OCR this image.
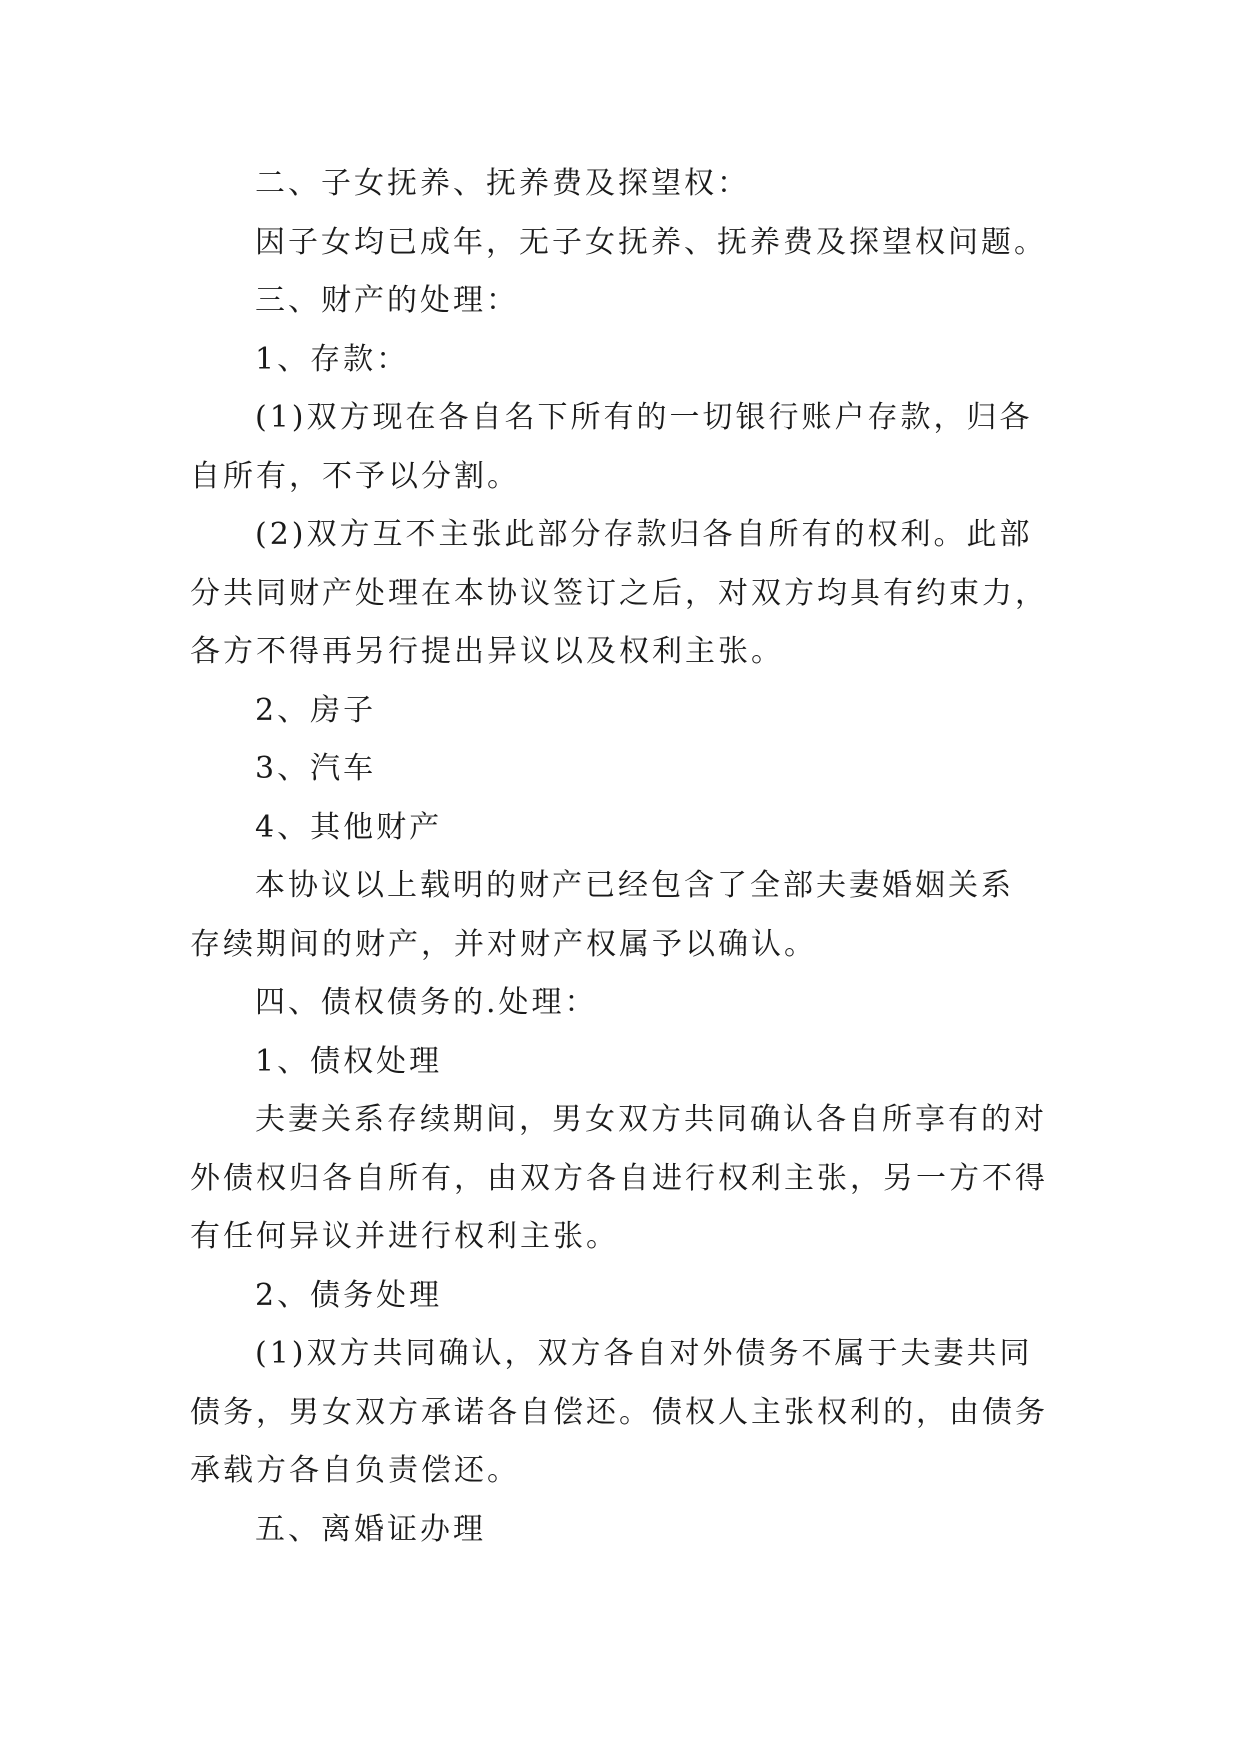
二、子女抚养、抚养费及探望权：
因子女均已成年，无子女抚养、抚养费及探望权问题。
三、财产的处理：
1、存款：
(1)双方现在各自名下所有的一切银行账户存款，归各
自所有，不予以分割。
(2)双方互不主张此部分存款归各自所有的权利。此部
分共同财产处理在本协议签订之后，对双方均具有约束力，
各方不得再另行提出异议以及权利主张。
2、房子
3、汽车
4、其他财产
本协议以上载明的财产已经包含了全部夫妻婚姻关系
存续期间的财产，并对财产权属予以确认。
四、债权债务的.处理：
1、债权处理
夫妻关系存续期间，男女双方共同确认各自所享有的对
外债权归各自所有，由双方各自进行权利主张，另一方不得
有任何异议并进行权利主张。
2、债务处理
(1)双方共同确认，双方各自对外债务不属于夫妻共同
债务，男女双方承诺各自偿还。债权人主张权利的，由债务
承载方各自负责偿还。
五、离婚证办理
